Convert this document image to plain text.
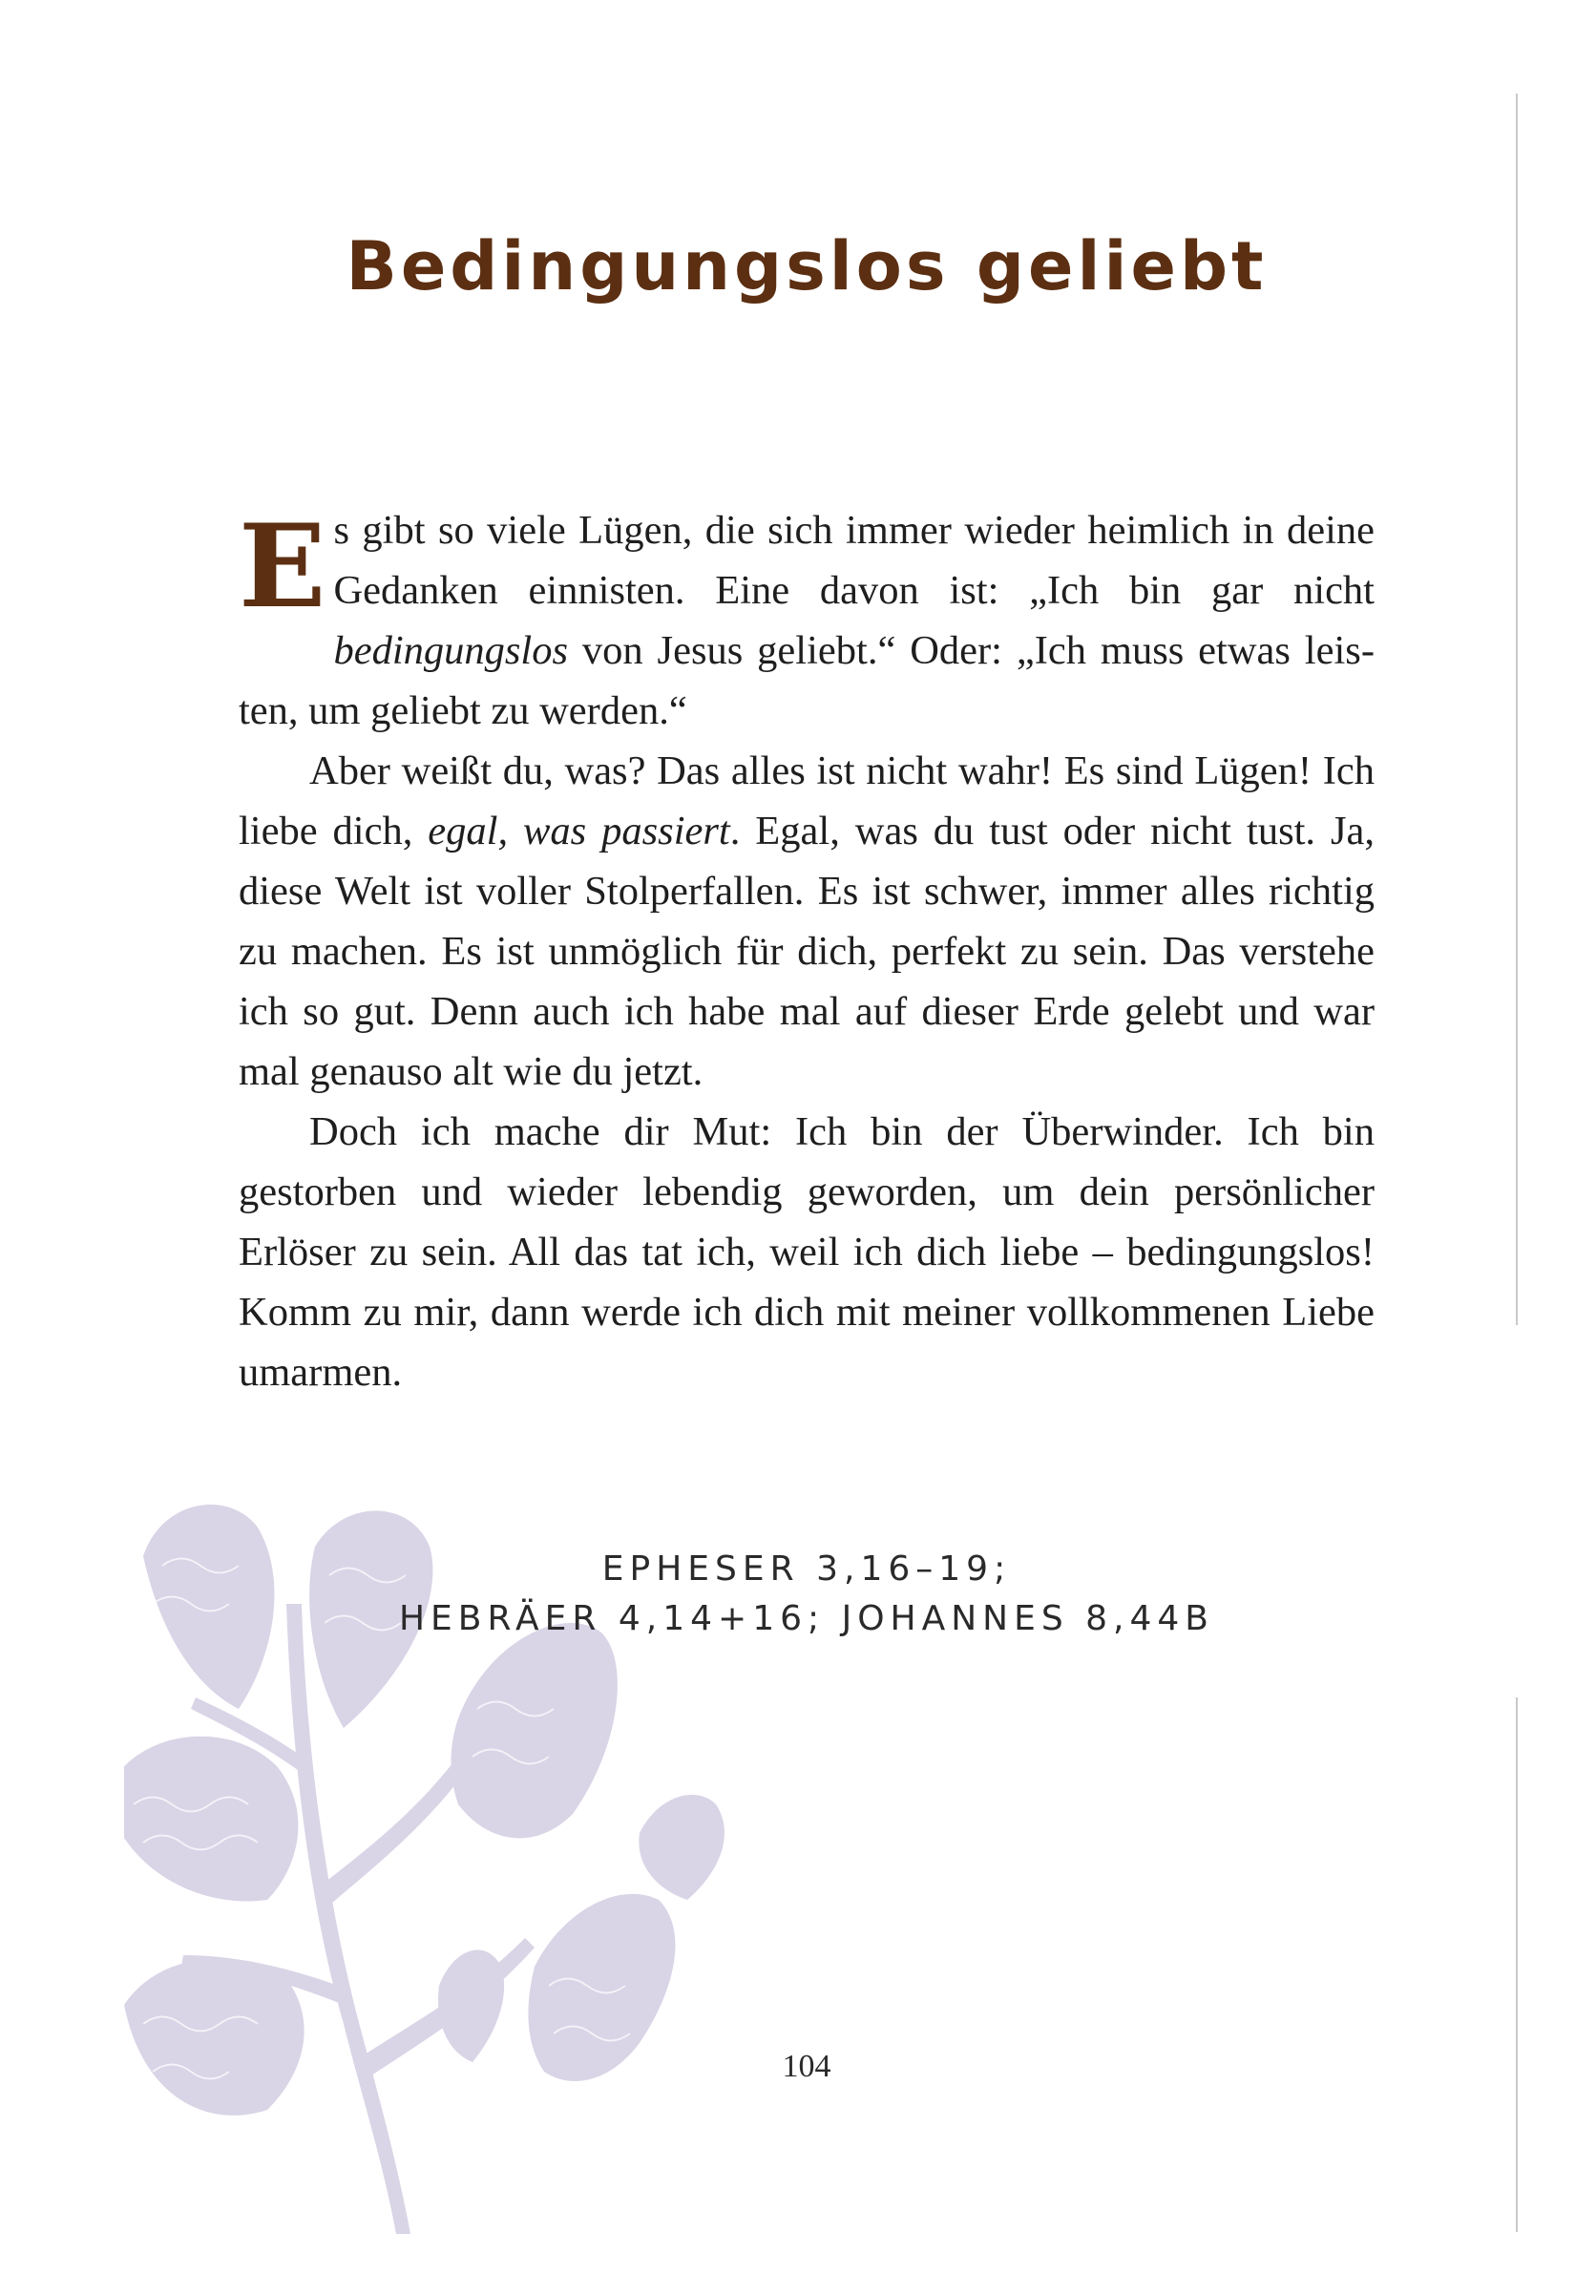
Bedingungslos geliebt

Es gibt so viele Lügen, die sich immer wieder heimlich in deine Gedanken einnisten. Eine davon ist: „Ich bin gar nicht bedingungslos von Jesus geliebt.“ Oder: „Ich muss etwas leisten, um geliebt zu werden.“

Aber weißt du, was? Das alles ist nicht wahr! Es sind Lügen! Ich liebe dich, egal, was passiert. Egal, was du tust oder nicht tust. Ja, diese Welt ist voller Stolperfallen. Es ist schwer, immer alles richtig zu machen. Es ist unmöglich für dich, perfekt zu sein. Das verstehe ich so gut. Denn auch ich habe mal auf dieser Erde gelebt und war mal genauso alt wie du jetzt.

Doch ich mache dir Mut: Ich bin der Überwinder. Ich bin gestorben und wieder lebendig geworden, um dein persönlicher Erlöser zu sein. All das tat ich, weil ich dich liebe – bedingungslos! Komm zu mir, dann werde ich dich mit meiner vollkommenen Liebe umarmen.

EPHESER 3,16–19;
HEBRÄER 4,14+16; JOHANNES 8,44B
104
